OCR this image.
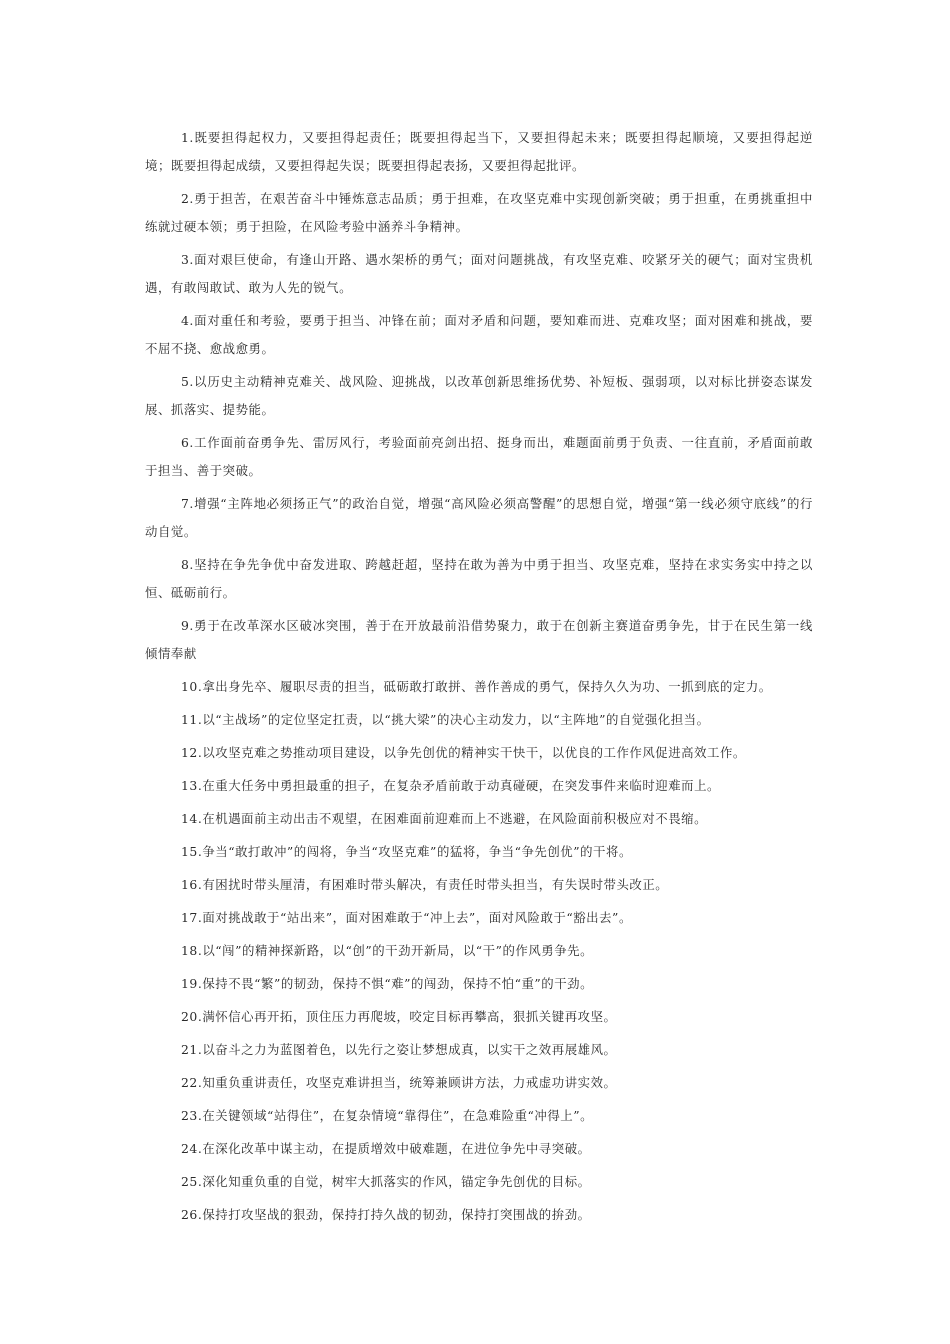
1.既要担得起权力，又要担得起责任；既要担得起当下，又要担得起未来；既要担得起顺境，又要担得起逆境；既要担得起成绩，又要担得起失误；既要担得起表扬，又要担得起批评。

2.勇于担苦，在艰苦奋斗中锤炼意志品质；勇于担难，在攻坚克难中实现创新突破；勇于担重，在勇挑重担中练就过硬本领；勇于担险，在风险考验中涵养斗争精神。

3.面对艰巨使命，有逢山开路、遇水架桥的勇气；面对问题挑战，有攻坚克难、咬紧牙关的硬气；面对宝贵机遇，有敢闯敢试、敢为人先的锐气。

4.面对重任和考验，要勇于担当、冲锋在前；面对矛盾和问题，要知难而进、克难攻坚；面对困难和挑战，要不屈不挠、愈战愈勇。

5.以历史主动精神克难关、战风险、迎挑战，以改革创新思维扬优势、补短板、强弱项，以对标比拼姿态谋发展、抓落实、提势能。

6.工作面前奋勇争先、雷厉风行，考验面前亮剑出招、挺身而出，难题面前勇于负责、一往直前，矛盾面前敢于担当、善于突破。

7.增强“主阵地必须扬正气”的政治自觉，增强“高风险必须高警醒”的思想自觉，增强“第一线必须守底线”的行动自觉。

8.坚持在争先争优中奋发进取、跨越赶超，坚持在敢为善为中勇于担当、攻坚克难，坚持在求实务实中持之以恒、砥砺前行。

9.勇于在改革深水区破冰突围，善于在开放最前沿借势聚力，敢于在创新主赛道奋勇争先，甘于在民生第一线倾情奉献

10.拿出身先卒、履职尽责的担当，砥砺敢打敢拼、善作善成的勇气，保持久久为功、一抓到底的定力。

11.以“主战场”的定位坚定扛责，以“挑大梁”的决心主动发力，以“主阵地”的自觉强化担当。

12.以攻坚克难之势推动项目建设，以争先创优的精神实干快干，以优良的工作作风促进高效工作。

13.在重大任务中勇担最重的担子，在复杂矛盾前敢于动真碰硬，在突发事件来临时迎难而上。

14.在机遇面前主动出击不观望，在困难面前迎难而上不逃避，在风险面前积极应对不畏缩。

15.争当“敢打敢冲”的闯将，争当“攻坚克难”的猛将，争当“争先创优”的干将。

16.有困扰时带头厘清，有困难时带头解决，有责任时带头担当，有失误时带头改正。

17.面对挑战敢于“站出来”，面对困难敢于“冲上去”，面对风险敢于“豁出去”。

18.以“闯”的精神探新路，以“创”的干劲开新局，以“干”的作风勇争先。

19.保持不畏“繁”的韧劲，保持不惧“难”的闯劲，保持不怕“重”的干劲。

20.满怀信心再开拓，顶住压力再爬坡，咬定目标再攀高，狠抓关键再攻坚。

21.以奋斗之力为蓝图着色，以先行之姿让梦想成真，以实干之效再展雄风。

22.知重负重讲责任，攻坚克难讲担当，统筹兼顾讲方法，力戒虚功讲实效。

23.在关键领域“站得住”，在复杂情境“靠得住”，在急难险重“冲得上”。

24.在深化改革中谋主动，在提质增效中破难题，在进位争先中寻突破。

25.深化知重负重的自觉，树牢大抓落实的作风，锚定争先创优的目标。

26.保持打攻坚战的狠劲，保持打持久战的韧劲，保持打突围战的拚劲。
